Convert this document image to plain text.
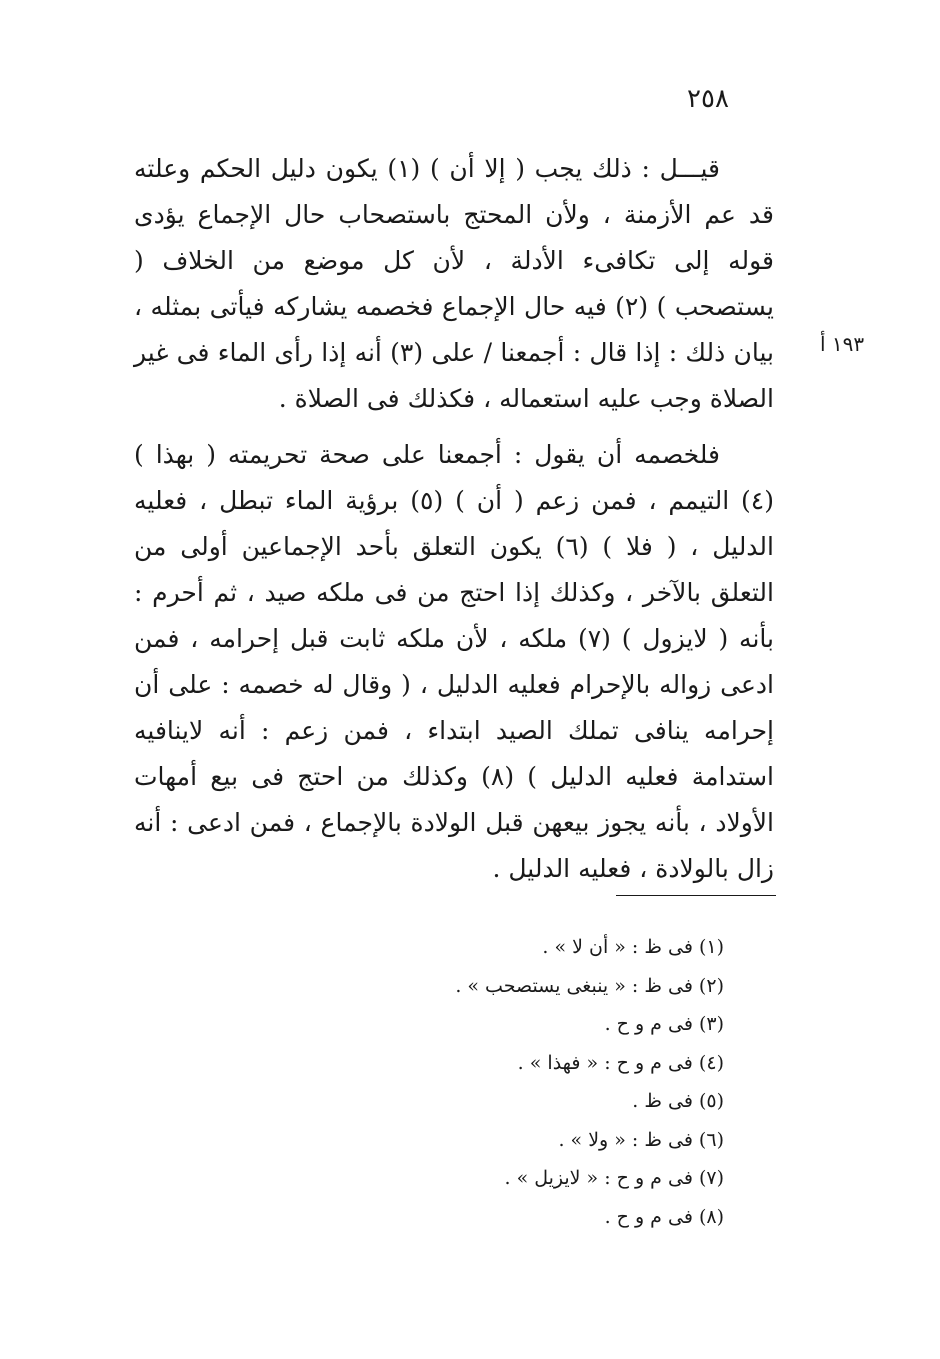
٢٥٨
١٩٣ أ

قيـــل : ذلك يجب ( إلا أن ) (١) يكون دليل الحكم وعلته قد عم الأزمنة ، ولأن المحتج باستصحاب حال الإجماع يؤدى قوله إلى تكافىء الأدلة ، لأن كل موضع من الخلاف ( يستصحب ) (٢) فيه حال الإجماع فخصمه يشاركه فيأتى بمثله ، بيان ذلك : إذا قال : أجمعنا / على (٣) أنه إذا رأى الماء فى غير الصلاة وجب عليه استعماله ، فكذلك فى الصلاة .

فلخصمه أن يقول : أجمعنا على صحة تحريمته ( بهذا ) (٤) التيمم ، فمن زعم ( أن ) (٥) برؤية الماء تبطل ، فعليه الدليل ، ( فلا ) (٦) يكون التعلق بأحد الإجماعين أولى من التعلق بالآخر ، وكذلك إذا احتج من فى ملكه صيد ، ثم أحرم : بأنه ( لايزول ) (٧) ملكه ، لأن ملكه ثابت قبل إحرامه ، فمن ادعى زواله بالإحرام فعليه الدليل ، ( وقال له خصمه : على أن إحرامه ينافى تملك الصيد ابتداء ، فمن زعم : أنه لاينافيه استدامة فعليه الدليل ) (٨) وكذلك من احتج فى بيع أمهات الأولاد ، بأنه يجوز بيعهن قبل الولادة بالإجماع ، فمن ادعى : أنه زال بالولادة ، فعليه الدليل .

(١) فى ظ : « أن لا » .
(٢) فى ظ : « ينبغى يستصحب » .
(٣) فى م و ح .
(٤) فى م و ح : « فهذا » .
(٥) فى ظ .
(٦) فى ظ : « ولا » .
(٧) فى م و ح : « لايزيل » .
(٨) فى م و ح .
